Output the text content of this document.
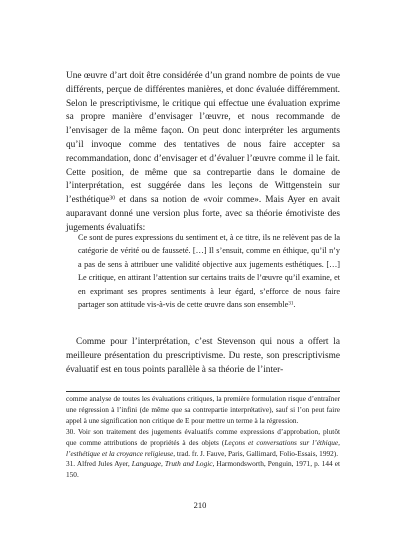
Une œuvre d’art doit être considérée d’un grand nombre de points de vue différents, perçue de différentes manières, et donc évaluée différemment. Selon le prescriptivisme, le critique qui effectue une évaluation exprime sa propre manière d’envisager l’œuvre, et nous recommande de l’envisager de la même façon. On peut donc interpréter les arguments qu’il invoque comme des tentatives de nous faire accepter sa recommandation, donc d’envisager et d’évaluer l’œuvre comme il le fait. Cette position, de même que sa contrepartie dans le domaine de l’interprétation, est suggérée dans les leçons de Wittgenstein sur l’esthétique$^{30}$ et dans sa notion de «voir comme». Mais Ayer en avait auparavant donné une version plus forte, avec sa théorie émotiviste des jugements évaluatifs:

Ce sont de pures expressions du sentiment et, à ce titre, ils ne relèvent pas de la catégorie de vérité ou de fausseté. […] Il s’ensuit, comme en éthique, qu’il n’y a pas de sens à attribuer une validité objective aux jugements esthétiques. […] Le critique, en attirant l’attention sur certains traits de l’œuvre qu’il examine, et en exprimant ses propres sentiments à leur égard, s’efforce de nous faire partager son attitude vis-à-vis de cette œuvre dans son ensemble$^{31}$.

Comme pour l’interprétation, c’est Stevenson qui nous a offert la meilleure présentation du prescriptivisme. Du reste, son prescriptivisme évaluatif est en tous points parallèle à sa théorie de l’inter-

comme analyse de toutes les évaluations critiques, la première formulation risque d’entraîner une régression à l’infini (de même que sa contrepartie interprétative), sauf si l’on peut faire appel à une signification non critique de E pour mettre un terme à la régression.

30. Voir son traitement des jugements évaluatifs comme expressions d’approbation, plutôt que comme attributions de propriétés à des objets (Leçons et conversations sur l’éthique, l’esthétique et la croyance religieuse, trad. fr. J. Fauve, Paris, Gallimard, Folio-Essais, 1992).

31. Alfred Jules Ayer, Language, Truth and Logic, Harmondsworth, Penguin, 1971, p. 144 et 150.

210
